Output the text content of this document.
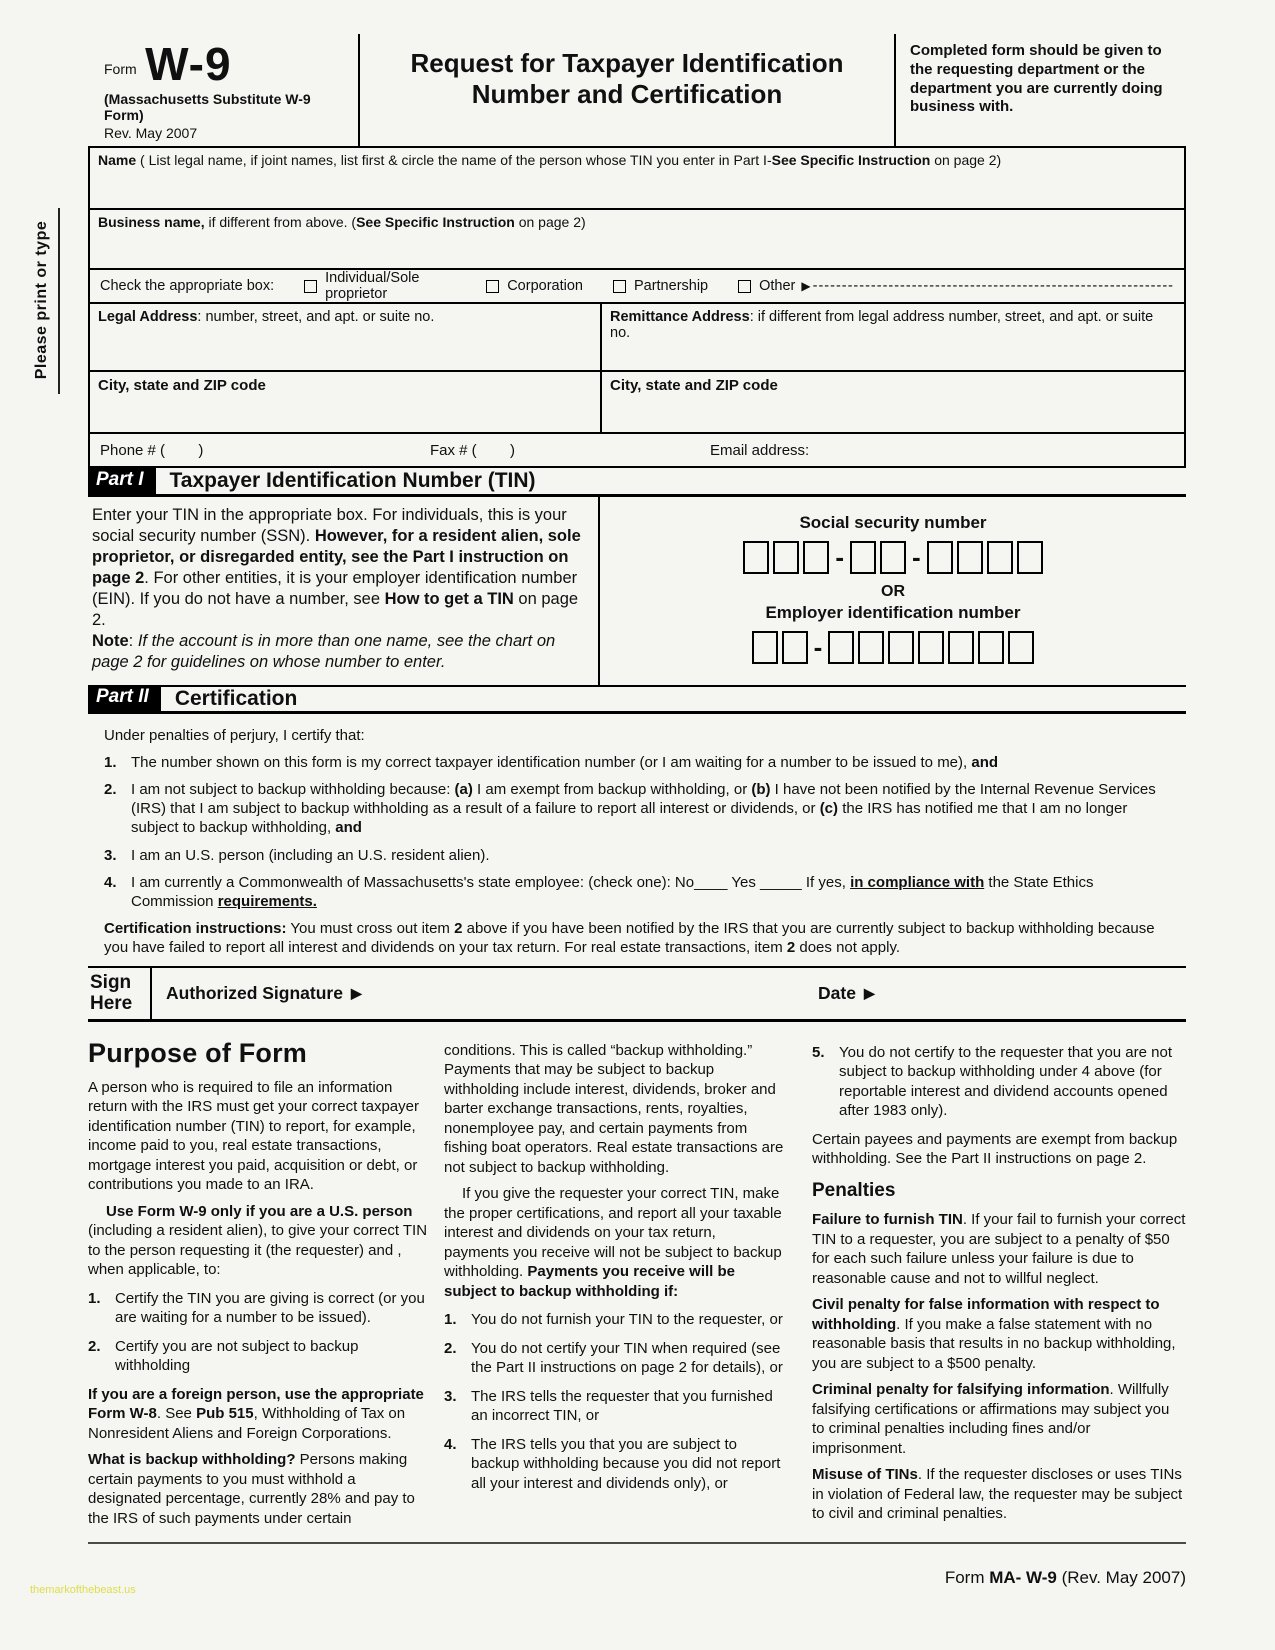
Please print or type
Form W-9
(Massachusetts Substitute W-9 Form)
Rev. May 2007
Request for Taxpayer Identification Number and Certification
Completed form should be given to the requesting department or the department you are currently doing business with.
Name ( List legal name, if joint names, list first & circle the name of the person whose TIN you enter in Part I-See Specific Instruction on page 2)
Business name, if different from above. (See Specific Instruction on page 2)
Check the appropriate box:	Individual/Sole proprietor	Corporation	Partnership	Other ▶ --------------------------------------------------------------
Legal Address: number, street, and apt. or suite no.	Remittance Address: if different from legal address number, street, and apt. or suite no.
City, state and ZIP code	City, state and ZIP code
Phone # (        )	Fax # (        )	Email address:
Part I	Taxpayer Identification Number (TIN)
Enter your TIN in the appropriate box. For individuals, this is your social security number (SSN). However, for a resident alien, sole proprietor, or disregarded entity, see the Part I instruction on page 2. For other entities, it is your employer identification number (EIN). If you do not have a number, see How to get a TIN on page 2.
Note: If the account is in more than one name, see the chart on page 2 for guidelines on whose number to enter.
Social security number
-	-
OR
Employer identification number
-
Part II	Certification
Under penalties of perjury, I certify that:
1. The number shown on this form is my correct taxpayer identification number (or I am waiting for a number to be issued to me), and
2. I am not subject to backup withholding because: (a) I am exempt from backup withholding, or (b) I have not been notified by the Internal Revenue Services (IRS) that I am subject to backup withholding as a result of a failure to report all interest or dividends, or (c) the IRS has notified me that I am no longer subject to backup withholding, and
3. I am an U.S. person (including an U.S. resident alien).
4. I am currently a Commonwealth of Massachusetts's state employee: (check one): No____ Yes _____ If yes, in compliance with the State Ethics Commission requirements.
Certification instructions: You must cross out item 2 above if you have been notified by the IRS that you are currently subject to backup withholding because you have failed to report all interest and dividends on your tax return. For real estate transactions, item 2 does not apply.
Sign
Here
Authorized Signature ▶	Date ▶
Purpose of Form
A person who is required to file an information return with the IRS must get your correct taxpayer identification number (TIN) to report, for example, income paid to you, real estate transactions, mortgage interest you paid, acquisition or debt, or contributions you made to an IRA.
Use Form W-9 only if you are a U.S. person (including a resident alien), to give your correct TIN to the person requesting it (the requester) and , when applicable, to:
1. Certify the TIN you are giving is correct (or you are waiting for a number to be issued).
2. Certify you are not subject to backup withholding
If you are a foreign person, use the appropriate Form W-8. See Pub 515, Withholding of Tax on Nonresident Aliens and Foreign Corporations.
What is backup withholding? Persons making certain payments to you must withhold a designated percentage, currently 28% and pay to the IRS of such payments under certain
conditions. This is called “backup withholding.” Payments that may be subject to backup withholding include interest, dividends, broker and barter exchange transactions, rents, royalties, nonemployee pay, and certain payments from fishing boat operators. Real estate transactions are not subject to backup withholding.
If you give the requester your correct TIN, make the proper certifications, and report all your taxable interest and dividends on your tax return, payments you receive will not be subject to backup withholding. Payments you receive will be subject to backup withholding if:
1. You do not furnish your TIN to the requester, or
2. You do not certify your TIN when required (see the Part II instructions on page 2 for details), or
3. The IRS tells the requester that you furnished an incorrect TIN, or
4. The IRS tells you that you are subject to backup withholding because you did not report all your interest and dividends only), or
5. You do not certify to the requester that you are not subject to backup withholding under 4 above (for reportable interest and dividend accounts opened after 1983 only).
Certain payees and payments are exempt from backup withholding. See the Part II instructions on page 2.
Penalties
Failure to furnish TIN. If your fail to furnish your correct TIN to a requester, you are subject to a penalty of $50 for each such failure unless your failure is due to reasonable cause and not to willful neglect.
Civil penalty for false information with respect to withholding. If you make a false statement with no reasonable basis that results in no backup withholding, you are subject to a $500 penalty.
Criminal penalty for falsifying information. Willfully falsifying certifications or affirmations may subject you to criminal penalties including fines and/or imprisonment.
Misuse of TINs. If the requester discloses or uses TINs in violation of Federal law, the requester may be subject to civil and criminal penalties.
Form MA- W-9 (Rev. May 2007)
themarkofthebeast.us
